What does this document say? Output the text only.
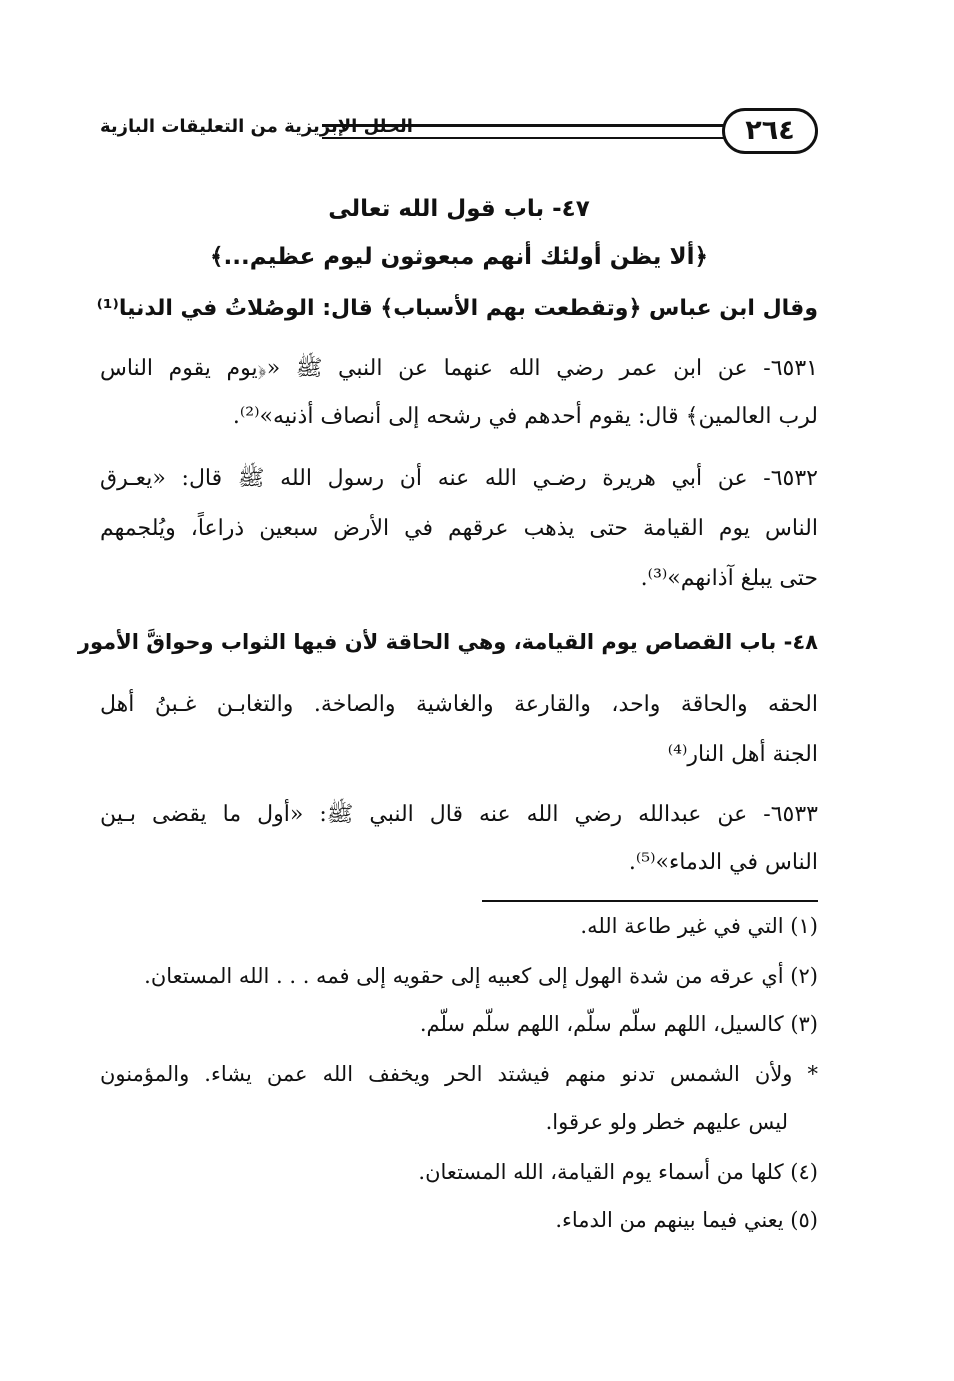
٢٦٤
الحلل الإبريزية من التعليقات البازية
٤٧- باب قول الله تعالى
﴿ألا يظن أولئك أنهم مبعوثون ليوم عظيم...﴾
وقال ابن عباس ﴿وتقطعت بهم الأسباب﴾ قال: الوصُلاتُ في الدنيا⁽¹⁾
٦٥٣١- عن ابن عمر رضي الله عنهما عن النبي ﷺ «﴿يوم يقوم الناس
لرب العالمين﴾ قال: يقوم أحدهم في رشحه إلى أنصاف أذنيه»⁽²⁾.
٦٥٣٢- عن أبي هريرة رضـي الله عنه أن رسول الله ﷺ قال: «يعـرق
الناس يوم القيامة حتى يذهب عرقهم في الأرض سبعين ذراعاً، ويُلجمهم
حتى يبلغ آذانهم»⁽³⁾.
٤٨- باب القصاص يوم القيامة، وهي الحاقة لأن فيها الثواب وحواقَّ الأمور
الحقه والحاقة واحد، والقارعة والغاشية والصاخة. والتغابـن غـبنُ أهل
الجنة أهل النار⁽⁴⁾
٦٥٣٣- عن عبدالله رضي الله عنه قال النبي ﷺ: «أول ما يقضى بـين
الناس في الدماء»⁽⁵⁾.
(١) التي في غير طاعة الله.
(٢) أي عرقه من شدة الهول إلى كعبيه إلى حقويه إلى فمه . . . الله المستعان.
(٣) كالسيل، اللهم سلّم سلّم، اللهم سلّم سلّم.
* ولأن الشمس تدنو منهم فيشتد الحر ويخفف الله عمن يشاء. والمؤمنون
ليس عليهم خطر ولو عرقوا.
(٤) كلها من أسماء يوم القيامة، الله المستعان.
(٥) يعني فيما بينهم من الدماء.
